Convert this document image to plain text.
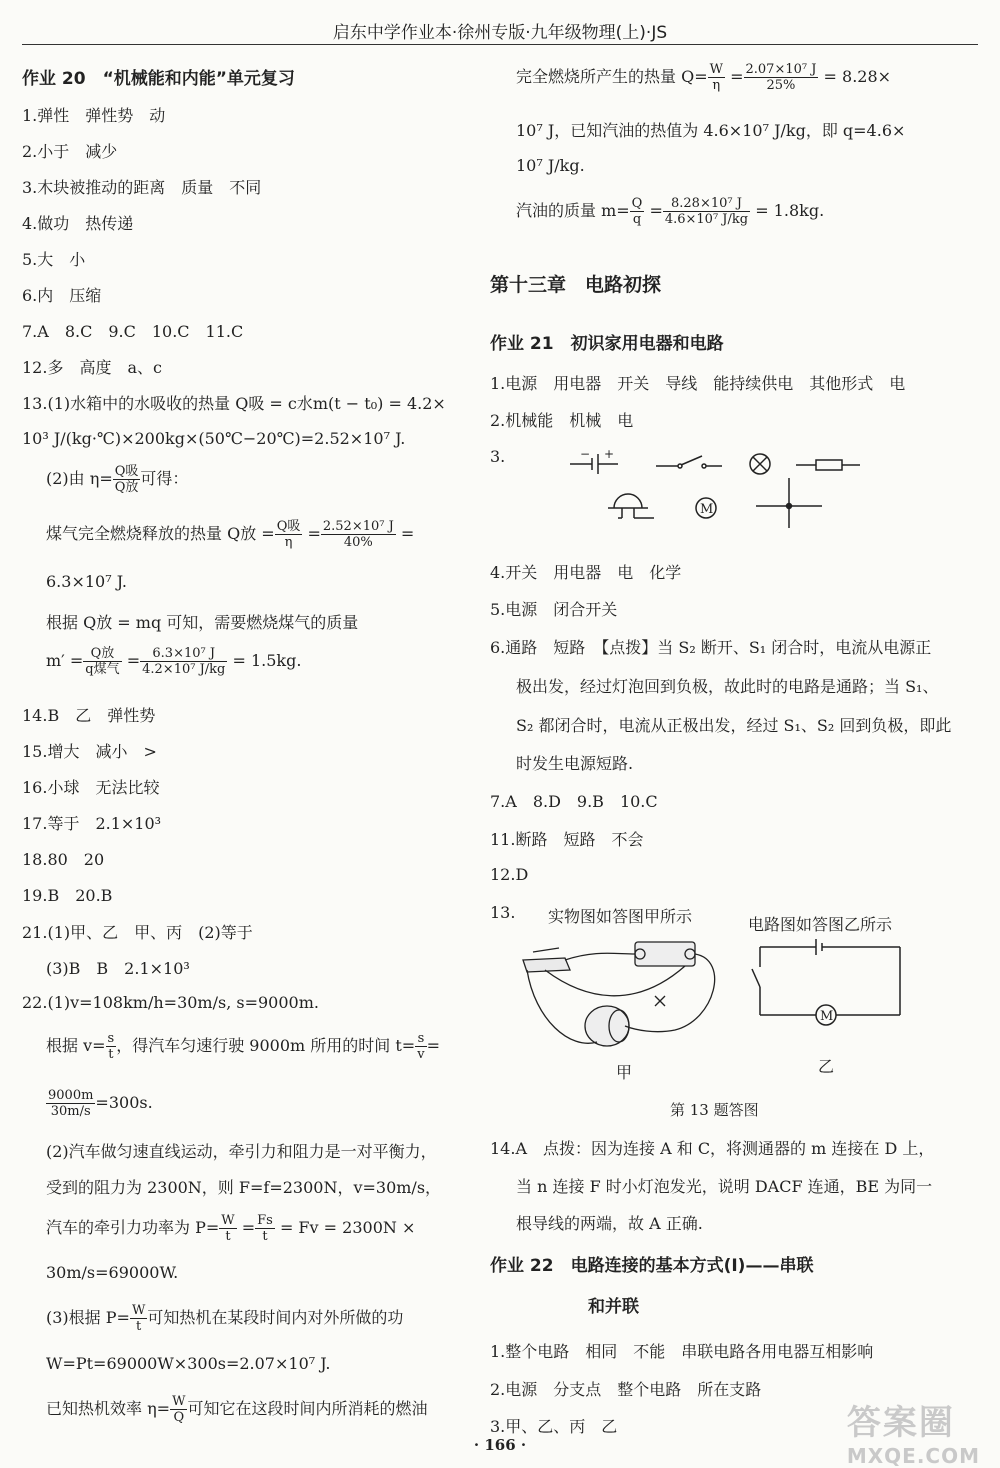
启东中学作业本·徐州专版·九年级物理(上)·JS
作业 20　“机械能和内能”单元复习
1.弹性　弹性势　动
2.小于　减少
3.木块被推动的距离　质量　不同
4.做功　热传递
5.大　小
6.内　压缩
7.A　8.C　9.C　10.C　11.C
12.多　高度　a、c
13.(1)水箱中的水吸收的热量 Q吸 = c水m(t − t₀) = 4.2×
10³ J/(kg·℃)×200kg×(50℃−20℃)=2.52×10⁷ J.
(2)由 $\eta= \frac{\text{Q吸}}{\text{Q放}}$ 可得：
煤气完全燃烧释放的热量 Q放 = $\frac{\text{Q吸}}{\eta} = \frac{\text{2.52×10⁷ J}}{40\%}$ =
6.3×10⁷ J.
根据 Q放 = mq 可知，需要燃烧煤气的质量
$m' = \frac{\text{Q放}}{\text{q煤气}} = \frac{\text{6.3×10⁷ J}}{\text{4.2×10⁷ J/kg}} = 1.5kg$.
14.B　乙　弹性势
15.增大　减小　>
16.小球　无法比较
17.等于　2.1×10³
18.80　20
19.B　20.B
21.(1)甲、乙　甲、丙　(2)等于
(3)B　B　2.1×10³
22.(1)v=108km/h=30m/s, s=9000m.
根据 $v= \frac{s}{t}$ ，得汽车匀速行驶 9000m 所用的时间 $t= \frac{s}{v}$ =
$\frac{9000m}{30m/s} =300s$.
(2)汽车做匀速直线运动，牵引力和阻力是一对平衡力，
受到的阻力为 2300N，则 F=f=2300N，v=30m/s，
汽车的牵引力功率为 $P= \frac{W}{t} = \frac{Fs}{t} = Fv = 2300N$ ×
30m/s=69000W.
(3)根据 $P= \frac{W}{t}$ 可知热机在某段时间内对外所做的功
W=Pt=69000W×300s=2.07×10⁷ J.
已知热机效率 $\eta= \frac{W}{Q}$ 可知它在这段时间内所消耗的燃油
完全燃烧所产生的热量 $Q= \frac{W}{\eta} = \frac{\text{2.07×10⁷ J}}{25\%} = 8.28\times$
10⁷ J，已知汽油的热值为 4.6×10⁷ J/kg，即 q=4.6×
10⁷ J/kg.
汽油的质量 $m= \frac{Q}{q} = \frac{\text{8.28×10⁷ J}}{\text{4.6×10⁷ J/kg}} = 1.8kg$.
第十三章　电路初探
作业 21　初识家用电器和电路
1.电源　用电器　开关　导线　能持续供电　其他形式　电
2.机械能　机械　电
3.
4.开关　用电器　电　化学
5.电源　闭合开关
6.通路　短路　【点拨】当 S₂ 断开、S₁ 闭合时，电流从电源正
极出发，经过灯泡回到负极，故此时的电路是通路；当 S₁、
S₂ 都闭合时，电流从正极出发，经过 S₁、S₂ 回到负极，即此
时发生电源短路.
7.A　8.D　9.B　10.C
11.断路　短路　不会
12.D
13. 实物图如答图甲所示	电路图如答图乙所示
甲	乙
第 13 题答图
14.A　点拨：因为连接 A 和 C，将测通器的 m 连接在 D 上，
当 n 连接 F 时小灯泡发光，说明 DACF 连通，BE 为同一
根导线的两端，故 A 正确.
作业 22　电路连接的基本方式(Ⅰ)——串联
和并联
1.整个电路　相同　不能　串联电路各用电器互相影响
2.电源　分支点　整个电路　所在支路
3.甲、乙、丙　乙
− +
M
M
· 166 ·
答案圈
MXQE.COM
